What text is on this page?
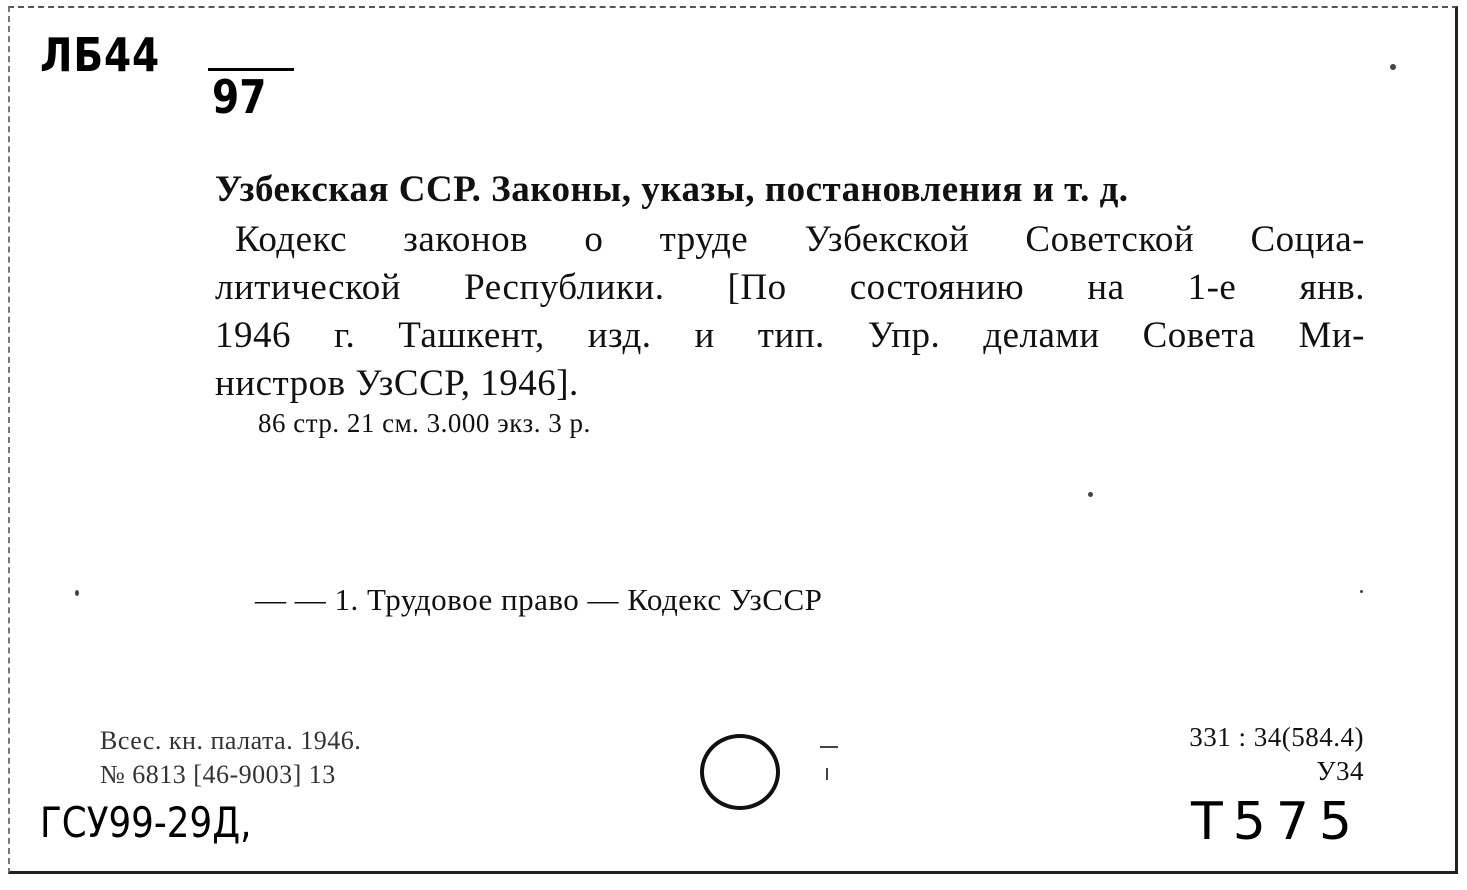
ЛБ44
97
Узбекская ССР. Законы, указы, постановления и т. д.
Кодекс законов о труде Узбекской Советской Социа-
литической Республики. [По состоянию на 1-е янв.
1946 г. Ташкент, изд. и тип. Упр. делами Совета Ми-
нистров УзССР, 1946].
86 стр. 21 см. 3.000 экз. 3 р.
— — 1. Трудовое право — Кодекс УзССР
Всес. кн. палата. 1946.
№ 6813 [46-9003] 13
331 : 34(584.4)
У34
ГСУ99-29Д,	Т575
